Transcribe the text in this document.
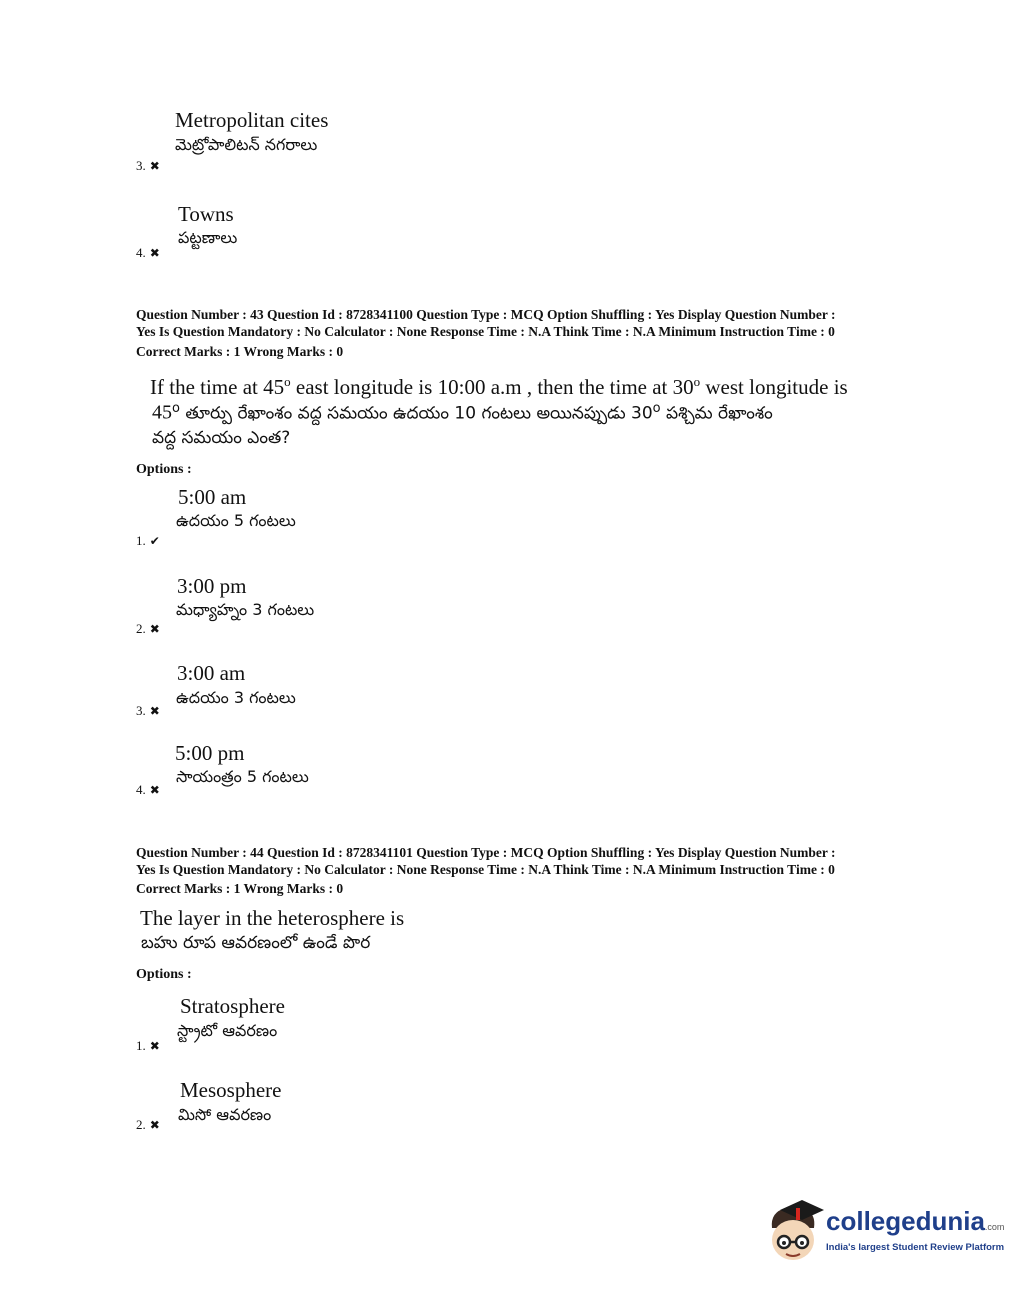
Metropolitan cites
మెట్రోపాలిటన్ నగరాలు
3. ✖
Towns
పట్టణాలు
4. ✖
Question Number : 43 Question Id : 8728341100 Question Type : MCQ Option Shuffling : Yes Display Question Number :
Yes Is Question Mandatory : No Calculator : None Response Time : N.A Think Time : N.A Minimum Instruction Time : 0
Correct Marks : 1 Wrong Marks : 0
If the time at 45$^o$ east longitude is 10:00 a.m , then the time at 30$^o$ west longitude is
45$^o$ తూర్పు రేఖాంశం వద్ద సమయం ఉదయం 10 గంటలు అయినప్పుడు 30$^o$ పశ్చిమ రేఖాంశం
వద్ద సమయం ఎంత?
Options :
5:00 am
ఉదయం 5 గంటలు
1. ✔
3:00 pm
మధ్యాహ్నం 3 గంటలు
2. ✖
3:00 am
ఉదయం 3 గంటలు
3. ✖
5:00 pm
సాయంత్రం 5 గంటలు
4. ✖
Question Number : 44 Question Id : 8728341101 Question Type : MCQ Option Shuffling : Yes Display Question Number :
Yes Is Question Mandatory : No Calculator : None Response Time : N.A Think Time : N.A Minimum Instruction Time : 0
Correct Marks : 1 Wrong Marks : 0
The layer in the heterosphere is
బహు రూప ఆవరణంలో ఉండే పొర
Options :
Stratosphere
స్ట్రాటో ఆవరణం
1. ✖
Mesosphere
మిసో ఆవరణం
2. ✖
collegedunia.com
India's largest Student Review Platform
